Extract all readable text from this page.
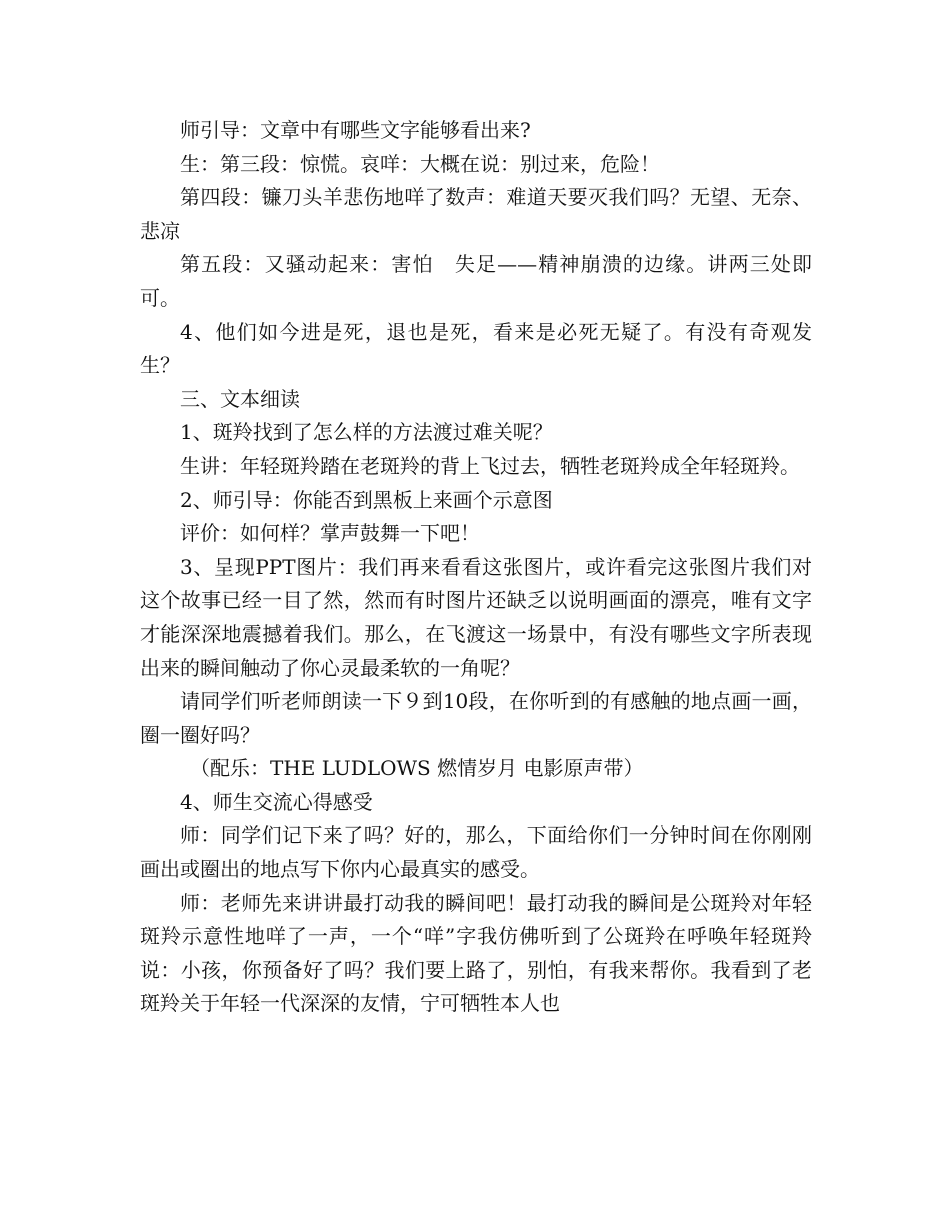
师引导：文章中有哪些文字能够看出来?

生：第三段：惊慌。哀咩：大概在说：别过来，危险！

第四段：镰刀头羊悲伤地咩了数声：难道天要灭我们吗？无望、无奈、悲凉

第五段：又骚动起来：害怕　失足——精神崩溃的边缘。讲两三处即可。

4、他们如今进是死，退也是死，看来是必死无疑了。有没有奇观发生？

三、文本细读

1、斑羚找到了怎么样的方法渡过难关呢？

生讲：年轻斑羚踏在老斑羚的背上飞过去，牺牲老斑羚成全年轻斑羚。

2、师引导：你能否到黑板上来画个示意图

评价：如何样？掌声鼓舞一下吧！

3、呈现PPT图片：我们再来看看这张图片，或许看完这张图片我们对这个故事已经一目了然，然而有时图片还缺乏以说明画面的漂亮，唯有文字才能深深地震撼着我们。那么，在飞渡这一场景中，有没有哪些文字所表现出来的瞬间触动了你心灵最柔软的一角呢？

请同学们听老师朗读一下９到10段，在你听到的有感触的地点画一画，圈一圈好吗？

（配乐：THE LUDLOWS 燃情岁月 电影原声带）

4、师生交流心得感受

师：同学们记下来了吗？好的，那么，下面给你们一分钟时间在你刚刚画出或圈出的地点写下你内心最真实的感受。

师：老师先来讲讲最打动我的瞬间吧！最打动我的瞬间是公斑羚对年轻斑羚示意性地咩了一声，一个“咩”字我仿佛听到了公斑羚在呼唤年轻斑羚说：小孩，你预备好了吗？我们要上路了，别怕，有我来帮你。我看到了老斑羚关于年轻一代深深的友情，宁可牺牲本人也
